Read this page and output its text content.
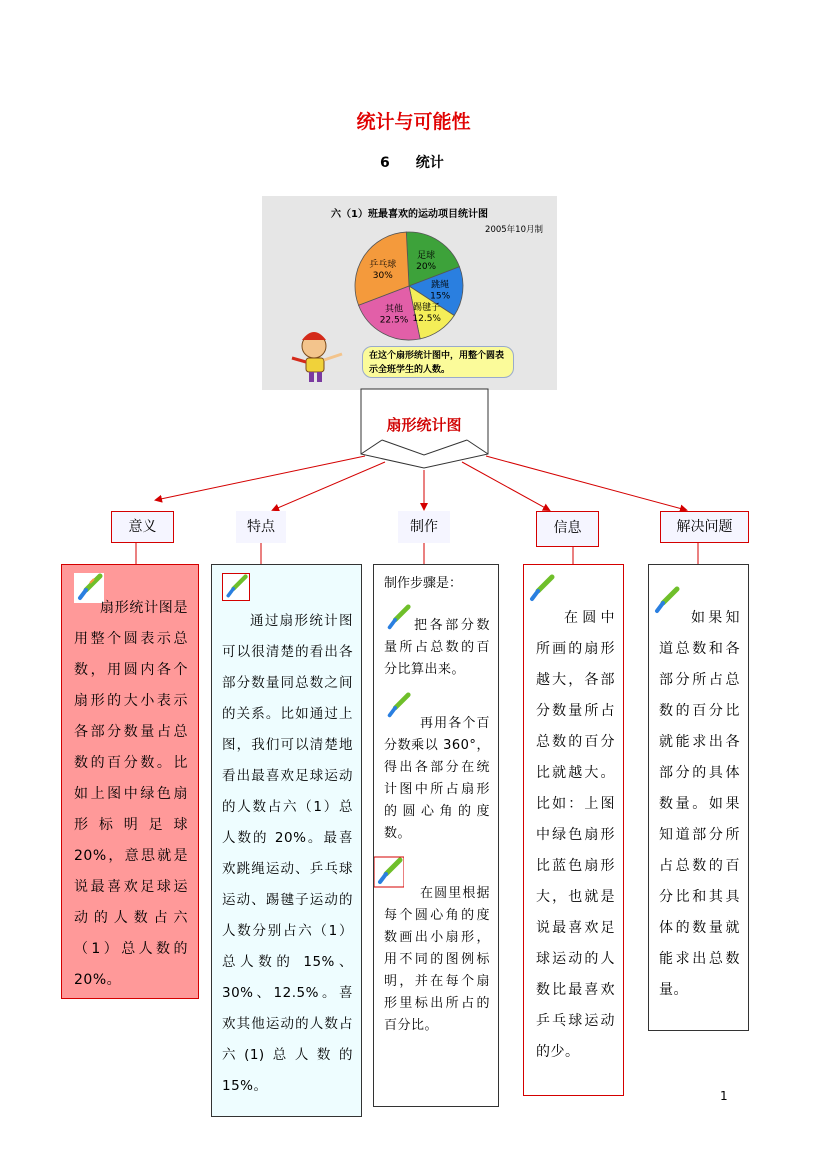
统计与可能性
6 统计
六（1）班最喜欢的运动项目统计图
2005年10月制
足球
20%
跳绳
15%
踢毽子
12.5%
其他
22.5%
乒乓球
30%
在这个扇形统计图中，用整个圆表示全班学生的人数。
扇形统计图
意义	特点	制作	信息	解决问题
扇形统计图是用整个圆表示总数，用圆内各个扇形的大小表示各部分数量占总数的百分数。比如上图中绿色扇形标明足球 20%，意思就是说最喜欢足球运动的人数占六（1）总人数的 20%。
通过扇形统计图可以很清楚的看出各部分数量同总数之间的关系。比如通过上图，我们可以清楚地看出最喜欢足球运动的人数占六（1）总人数的 20%。最喜欢跳绳运动、乒乓球运动、踢毽子运动的人数分别占六（1）总人数的 15%、30%、12.5%。喜欢其他运动的人数占六(1)总人数的 15%。
制作步骤是：
把各部分数量所占总数的百分比算出来。
再用各个百分数乘以 360°，得出各部分在统计图中所占扇形的圆心角的度数。
在圆里根据每个圆心角的度数画出小扇形，用不同的图例标明，并在每个扇形里标出所占的百分比。
在圆中所画的扇形越大，各部分数量所占总数的百分比就越大。比如：上图中绿色扇形比蓝色扇形大，也就是说最喜欢足球运动的人数比最喜欢乒乓球运动的少。
如果知道总数和各部分所占总数的百分比就能求出各部分的具体数量。如果知道部分所占总数的百分比和其具体的数量就能求出总数量。
1
